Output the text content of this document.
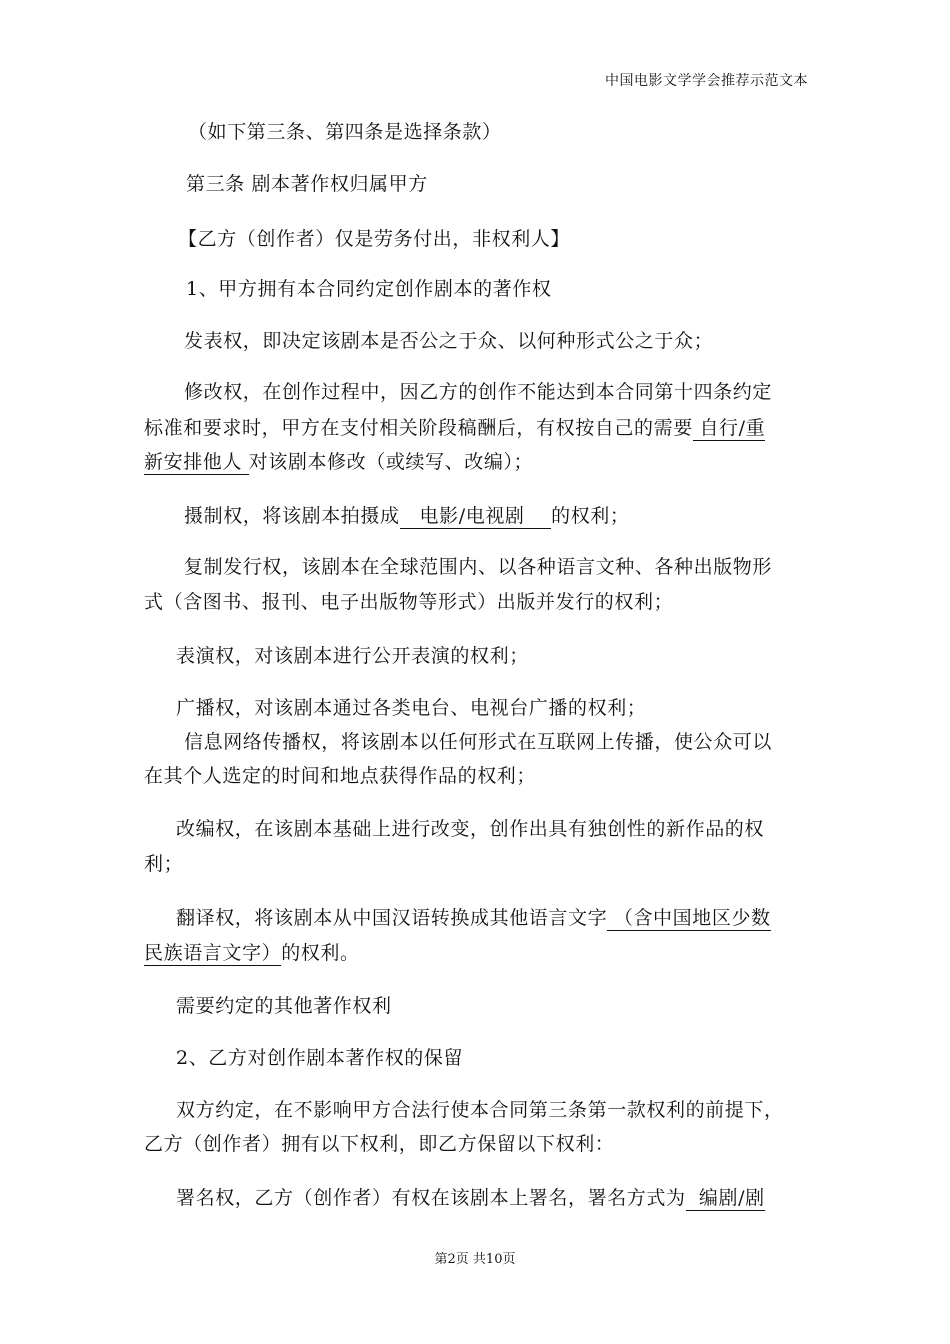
中国电影文学学会推荐示范文本
（如下第三条、第四条是选择条款）
第三条 剧本著作权归属甲方
【乙方（创作者）仅是劳务付出，非权利人】
1、甲方拥有本合同约定创作剧本的著作权
发表权，即决定该剧本是否公之于众、以何种形式公之于众；
修改权，在创作过程中，因乙方的创作不能达到本合同第十四条约定
标准和要求时，甲方在支付相关阶段稿酬后，有权按自己的需要 自行/重
新安排他人 对该剧本修改（或续写、改编）；
摄制权，将该剧本拍摄成   电影/电视剧    的权利；
复制发行权，该剧本在全球范围内、以各种语言文种、各种出版物形
式（含图书、报刊、电子出版物等形式）出版并发行的权利；
表演权，对该剧本进行公开表演的权利；
广播权，对该剧本通过各类电台、电视台广播的权利；
信息网络传播权，将该剧本以任何形式在互联网上传播，使公众可以
在其个人选定的时间和地点获得作品的权利；
改编权，在该剧本基础上进行改变，创作出具有独创性的新作品的权
利；
翻译权，将该剧本从中国汉语转换成其他语言文字 （含中国地区少数
民族语言文字）的权利。
需要约定的其他著作权利
2、乙方对创作剧本著作权的保留
双方约定，在不影响甲方合法行使本合同第三条第一款权利的前提下，
乙方（创作者）拥有以下权利，即乙方保留以下权利：
署名权，乙方（创作者）有权在该剧本上署名，署名方式为  编剧/剧
第2页 共10页
